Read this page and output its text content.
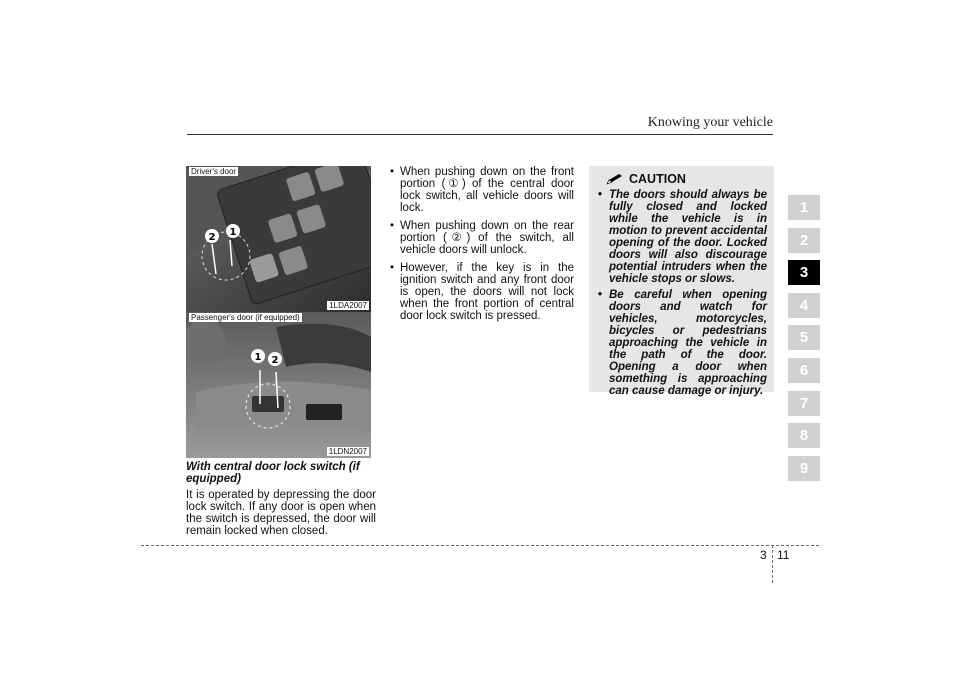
Knowing your vehicle
2 1
Driver's door
1LDA2007
1 2
Passenger's door (if equipped)
1LDN2007
With central door lock switch (if equipped)
It is operated by depressing the door lock switch. If any door is open when the switch is depressed, the door will remain locked when closed.
• When pushing down on the front portion (①) of the central door lock switch, all vehicle doors will lock.
• When pushing down on the rear portion (②) of the switch, all vehicle doors will unlock.
• However, if the key is in the ignition switch and any front door is open, the doors will not lock when the front portion of central door lock switch is pressed.
CAUTION
• The doors should always be fully closed and locked while the vehicle is in motion to prevent accidental opening of the door. Locked doors will also discourage potential intruders when the vehicle stops or slows.
• Be careful when opening doors and watch for vehicles, motorcycles, bicycles or pedestrians approaching the vehicle in the path of the door. Opening a door when something is approaching can cause damage or injury.
1
2
3
4
5
6
7
8
9
3 11
